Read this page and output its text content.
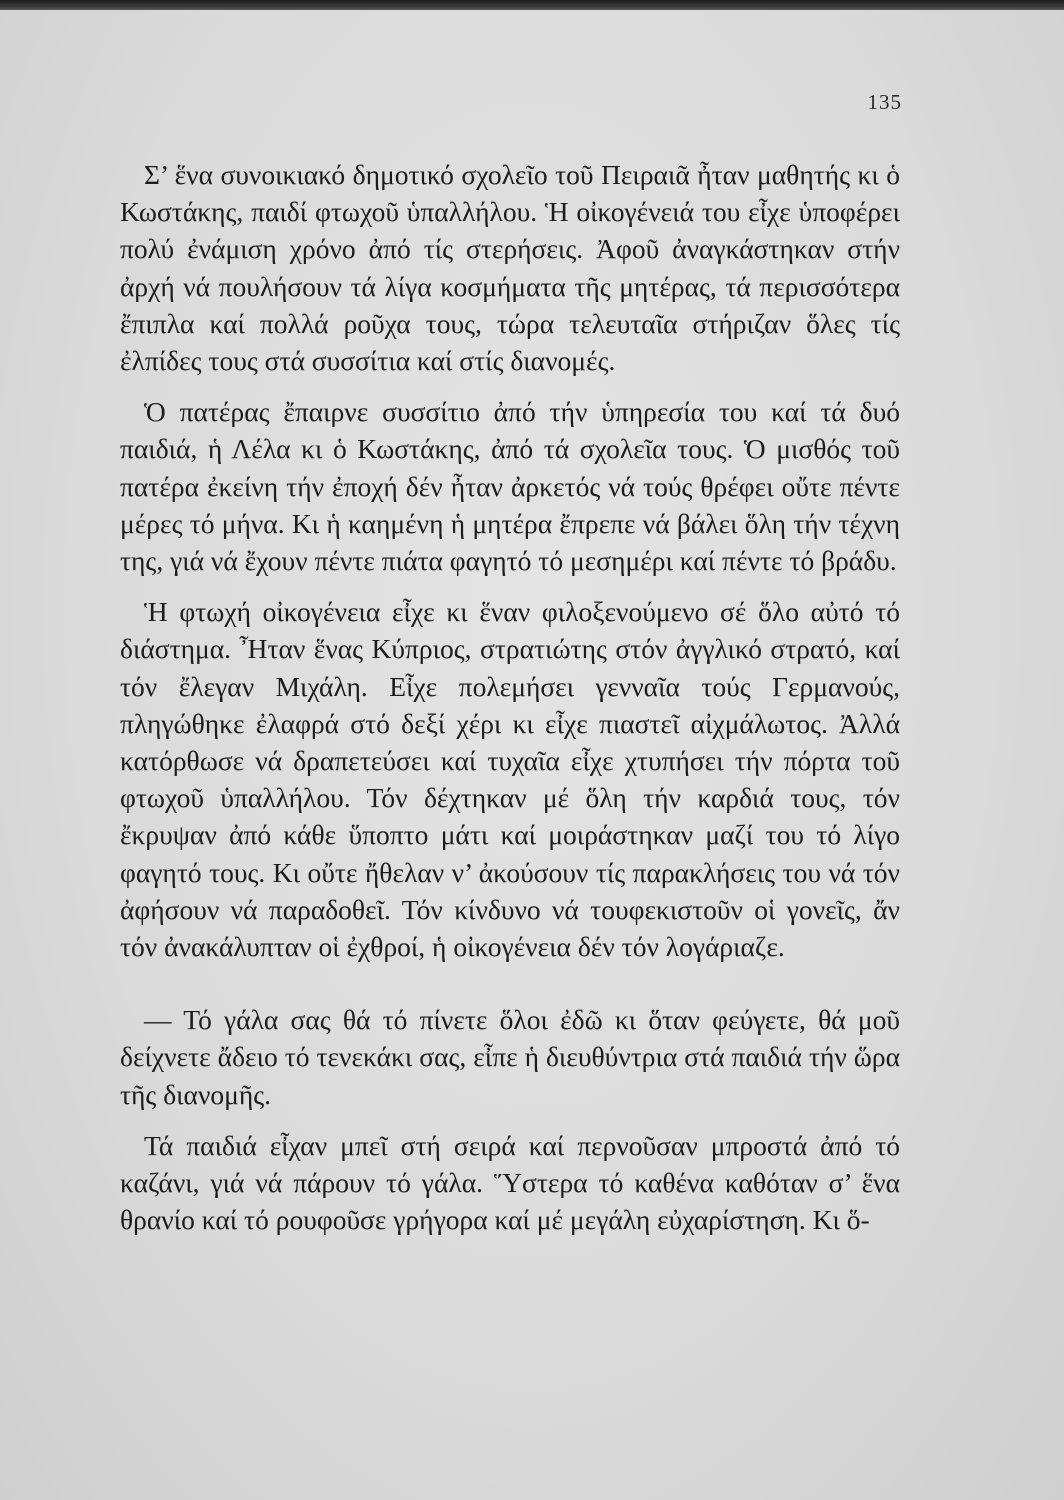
135

Σ’ ἕνα συνοικιακό δημοτικό σχολεῖο τοῦ Πειραιᾶ ἦταν μαθητής κι ὁ Κωστάκης, παιδί φτωχοῦ ὑπαλλήλου. Ἡ οἰκογένειά του εἶχε ὑποφέρει πολύ ἐνάμιση χρόνο ἀπό τίς στερήσεις. Ἀφοῦ ἀναγκάστηκαν στήν ἀρχή νά πουλήσουν τά λίγα κοσμήματα τῆς μητέρας, τά περισσότερα ἔπιπλα καί πολλά ροῦχα τους, τώρα τελευταῖα στήριζαν ὅλες τίς ἐλπίδες τους στά συσσίτια καί στίς διανομές.

Ὁ πατέρας ἔπαιρνε συσσίτιο ἀπό τήν ὑπηρεσία του καί τά δυό παιδιά, ἡ Λέλα κι ὁ Κωστάκης, ἀπό τά σχολεῖα τους. Ὁ μισθός τοῦ πατέρα ἐκείνη τήν ἐποχή δέν ἦταν ἀρκετός νά τούς θρέφει οὔτε πέντε μέρες τό μήνα. Κι ἡ καημένη ἡ μητέρα ἔπρεπε νά βάλει ὅλη τήν τέχνη της, γιά νά ἔχουν πέντε πιάτα φαγητό τό μεσημέρι καί πέντε τό βράδυ.

Ἡ φτωχή οἰκογένεια εἶχε κι ἕναν φιλοξενούμενο σέ ὅλο αὐτό τό διάστημα. Ἦταν ἕνας Κύπριος, στρατιώτης στόν ἀγγλικό στρατό, καί τόν ἔλεγαν Μιχάλη. Εἶχε πολεμήσει γενναῖα τούς Γερμανούς, πληγώθηκε ἐλαφρά στό δεξί χέρι κι εἶχε πιαστεῖ αἰχμάλωτος. Ἀλλά κατόρθωσε νά δραπετεύσει καί τυχαῖα εἶχε χτυπήσει τήν πόρτα τοῦ φτωχοῦ ὑπαλλήλου. Τόν δέχτηκαν μέ ὅλη τήν καρδιά τους, τόν ἔκρυψαν ἀπό κάθε ὕποπτο μάτι καί μοιράστηκαν μαζί του τό λίγο φαγητό τους. Κι οὔτε ἤθελαν ν’ ἀκούσουν τίς παρακλήσεις του νά τόν ἀφήσουν νά παραδοθεῖ. Τόν κίνδυνο νά τουφεκιστοῦν οἱ γονεῖς, ἄν τόν ἀνακάλυπταν οἱ ἐχθροί, ἡ οἰκογένεια δέν τόν λογάριαζε.

— Τό γάλα σας θά τό πίνετε ὅλοι ἐδῶ κι ὅταν φεύγετε, θά μοῦ δείχνετε ἄδειο τό τενεκάκι σας, εἶπε ἡ διευθύντρια στά παιδιά τήν ὥρα τῆς διανομῆς.

Τά παιδιά εἶχαν μπεῖ στή σειρά καί περνοῦσαν μπροστά ἀπό τό καζάνι, γιά νά πάρουν τό γάλα. Ὕστερα τό καθένα καθόταν σ’ ἕνα θρανίο καί τό ρουφοῦσε γρήγορα καί μέ μεγάλη εὐχαρίστηση. Κι ὅ-
